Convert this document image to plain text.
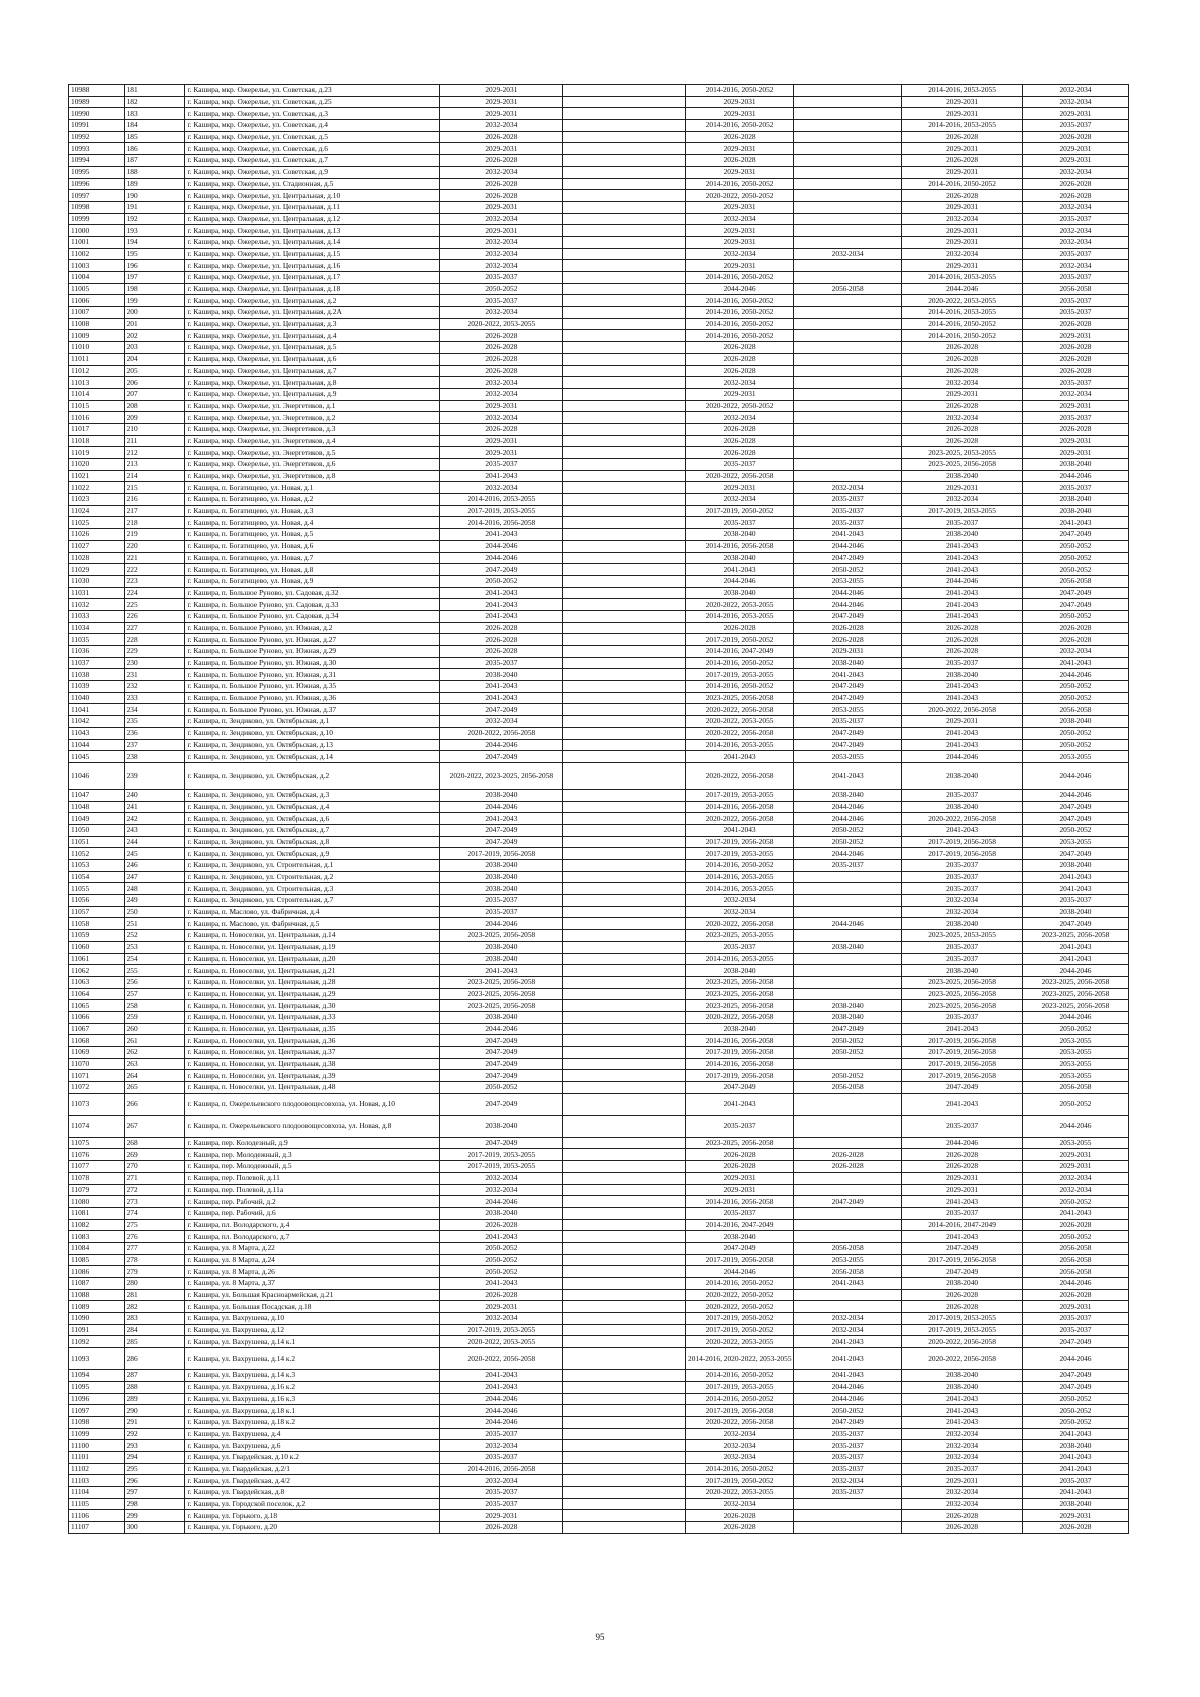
10988	181	г. Кашира, мкр. Ожерелье, ул. Советская, д.23	2029-2031		2014-2016, 2050-2052		2014-2016, 2053-2055	2032-2034
10989	182	г. Кашира, мкр. Ожерелье, ул. Советская, д.25	2029-2031		2029-2031		2029-2031	2032-2034
10990	183	г. Кашира, мкр. Ожерелье, ул. Советская, д.3	2029-2031		2029-2031		2029-2031	2029-2031
10991	184	г. Кашира, мкр. Ожерелье, ул. Советская, д.4	2032-2034		2014-2016, 2050-2052		2014-2016, 2053-2055	2035-2037
10992	185	г. Кашира, мкр. Ожерелье, ул. Советская, д.5	2026-2028		2026-2028		2026-2028	2026-2028
10993	186	г. Кашира, мкр. Ожерелье, ул. Советская, д.6	2029-2031		2029-2031		2029-2031	2029-2031
10994	187	г. Кашира, мкр. Ожерелье, ул. Советская, д.7	2026-2028		2026-2028		2026-2028	2029-2031
10995	188	г. Кашира, мкр. Ожерелье, ул. Советская, д.9	2032-2034		2029-2031		2029-2031	2032-2034
10996	189	г. Кашира, мкр. Ожерелье, ул. Стадионная, д.5	2026-2028		2014-2016, 2050-2052		2014-2016, 2050-2052	2026-2028
10997	190	г. Кашира, мкр. Ожерелье, ул. Центральная, д.10	2026-2028		2020-2022, 2050-2052		2026-2028	2026-2028
10998	191	г. Кашира, мкр. Ожерелье, ул. Центральная, д.11	2029-2031		2029-2031		2029-2031	2032-2034
10999	192	г. Кашира, мкр. Ожерелье, ул. Центральная, д.12	2032-2034		2032-2034		2032-2034	2035-2037
11000	193	г. Кашира, мкр. Ожерелье, ул. Центральная, д.13	2029-2031		2029-2031		2029-2031	2032-2034
11001	194	г. Кашира, мкр. Ожерелье, ул. Центральная, д.14	2032-2034		2029-2031		2029-2031	2032-2034
11002	195	г. Кашира, мкр. Ожерелье, ул. Центральная, д.15	2032-2034		2032-2034	2032-2034	2032-2034	2035-2037
11003	196	г. Кашира, мкр. Ожерелье, ул. Центральная, д.16	2032-2034		2029-2031		2029-2031	2032-2034
11004	197	г. Кашира, мкр. Ожерелье, ул. Центральная, д.17	2035-2037		2014-2016, 2050-2052		2014-2016, 2053-2055	2035-2037
11005	198	г. Кашира, мкр. Ожерелье, ул. Центральная, д.18	2050-2052		2044-2046	2056-2058	2044-2046	2056-2058
11006	199	г. Кашира, мкр. Ожерелье, ул. Центральная, д.2	2035-2037		2014-2016, 2050-2052		2020-2022, 2053-2055	2035-2037
11007	200	г. Кашира, мкр. Ожерелье, ул. Центральная, д.2А	2032-2034		2014-2016, 2050-2052		2014-2016, 2053-2055	2035-2037
11008	201	г. Кашира, мкр. Ожерелье, ул. Центральная, д.3	2020-2022, 2053-2055		2014-2016, 2050-2052		2014-2016, 2050-2052	2026-2028
11009	202	г. Кашира, мкр. Ожерелье, ул. Центральная, д.4	2026-2028		2014-2016, 2050-2052		2014-2016, 2050-2052	2029-2031
11010	203	г. Кашира, мкр. Ожерелье, ул. Центральная, д.5	2026-2028		2026-2028		2026-2028	2026-2028
11011	204	г. Кашира, мкр. Ожерелье, ул. Центральная, д.6	2026-2028		2026-2028		2026-2028	2026-2028
11012	205	г. Кашира, мкр. Ожерелье, ул. Центральная, д.7	2026-2028		2026-2028		2026-2028	2026-2028
11013	206	г. Кашира, мкр. Ожерелье, ул. Центральная, д.8	2032-2034		2032-2034		2032-2034	2035-2037
11014	207	г. Кашира, мкр. Ожерелье, ул. Центральная, д.9	2032-2034		2029-2031		2029-2031	2032-2034
11015	208	г. Кашира, мкр. Ожерелье, ул. Энергетиков, д.1	2029-2031		2020-2022, 2050-2052		2026-2028	2029-2031
11016	209	г. Кашира, мкр. Ожерелье, ул. Энергетиков, д.2	2032-2034		2032-2034		2032-2034	2035-2037
11017	210	г. Кашира, мкр. Ожерелье, ул. Энергетиков, д.3	2026-2028		2026-2028		2026-2028	2026-2028
11018	211	г. Кашира, мкр. Ожерелье, ул. Энергетиков, д.4	2029-2031		2026-2028		2026-2028	2029-2031
11019	212	г. Кашира, мкр. Ожерелье, ул. Энергетиков, д.5	2029-2031		2026-2028		2023-2025, 2053-2055	2029-2031
11020	213	г. Кашира, мкр. Ожерелье, ул. Энергетиков, д.6	2035-2037		2035-2037		2023-2025, 2056-2058	2038-2040
11021	214	г. Кашира, мкр. Ожерелье, ул. Энергетиков, д.8	2041-2043		2020-2022, 2056-2058		2038-2040	2044-2046
11022	215	г. Кашира, п. Богатищево, ул. Новая, д.1	2032-2034		2029-2031	2032-2034	2029-2031	2035-2037
11023	216	г. Кашира, п. Богатищево, ул. Новая, д.2	2014-2016, 2053-2055		2032-2034	2035-2037	2032-2034	2038-2040
11024	217	г. Кашира, п. Богатищево, ул. Новая, д.3	2017-2019, 2053-2055		2017-2019, 2050-2052	2035-2037	2017-2019, 2053-2055	2038-2040
11025	218	г. Кашира, п. Богатищево, ул. Новая, д.4	2014-2016, 2056-2058		2035-2037	2035-2037	2035-2037	2041-2043
11026	219	г. Кашира, п. Богатищево, ул. Новая, д.5	2041-2043		2038-2040	2041-2043	2038-2040	2047-2049
11027	220	г. Кашира, п. Богатищево, ул. Новая, д.6	2044-2046		2014-2016, 2056-2058	2044-2046	2041-2043	2050-2052
11028	221	г. Кашира, п. Богатищево, ул. Новая, д.7	2044-2046		2038-2040	2047-2049	2041-2043	2050-2052
11029	222	г. Кашира, п. Богатищево, ул. Новая, д.8	2047-2049		2041-2043	2050-2052	2041-2043	2050-2052
11030	223	г. Кашира, п. Богатищево, ул. Новая, д.9	2050-2052		2044-2046	2053-2055	2044-2046	2056-2058
11031	224	г. Кашира, п. Большое Руново, ул. Садовая, д.32	2041-2043		2038-2040	2044-2046	2041-2043	2047-2049
11032	225	г. Кашира, п. Большое Руново, ул. Садовая, д.33	2041-2043		2020-2022, 2053-2055	2044-2046	2041-2043	2047-2049
11033	226	г. Кашира, п. Большое Руново, ул. Садовая, д.34	2041-2043		2014-2016, 2053-2055	2047-2049	2041-2043	2050-2052
11034	227	г. Кашира, п. Большое Руново, ул. Южная, д.2	2026-2028		2026-2028	2026-2028	2026-2028	2026-2028
11035	228	г. Кашира, п. Большое Руново, ул. Южная, д.27	2026-2028		2017-2019, 2050-2052	2026-2028	2026-2028	2026-2028
11036	229	г. Кашира, п. Большое Руново, ул. Южная, д.29	2026-2028		2014-2016, 2047-2049	2029-2031	2026-2028	2032-2034
11037	230	г. Кашира, п. Большое Руново, ул. Южная, д.30	2035-2037		2014-2016, 2050-2052	2038-2040	2035-2037	2041-2043
11038	231	г. Кашира, п. Большое Руново, ул. Южная, д.31	2038-2040		2017-2019, 2053-2055	2041-2043	2038-2040	2044-2046
11039	232	г. Кашира, п. Большое Руново, ул. Южная, д.35	2041-2043		2014-2016, 2050-2052	2047-2049	2041-2043	2050-2052
11040	233	г. Кашира, п. Большое Руново, ул. Южная, д.36	2041-2043		2023-2025, 2056-2058	2047-2049	2041-2043	2050-2052
11041	234	г. Кашира, п. Большое Руново, ул. Южная, д.37	2047-2049		2020-2022, 2056-2058	2053-2055	2020-2022, 2056-2058	2056-2058
11042	235	г. Кашира, п. Зендиково, ул. Октябрьская, д.1	2032-2034		2020-2022, 2053-2055	2035-2037	2029-2031	2038-2040
11043	236	г. Кашира, п. Зендиково, ул. Октябрьская, д.10	2020-2022, 2056-2058		2020-2022, 2056-2058	2047-2049	2041-2043	2050-2052
11044	237	г. Кашира, п. Зендиково, ул. Октябрьская, д.13	2044-2046		2014-2016, 2053-2055	2047-2049	2041-2043	2050-2052
11045	238	г. Кашира, п. Зендиково, ул. Октябрьская, д.14	2047-2049		2041-2043	2053-2055	2044-2046	2053-2055
11046	239	г. Кашира, п. Зендиково, ул. Октябрьская, д.2	2020-2022, 2023-2025, 2056-2058		2020-2022, 2056-2058	2041-2043	2038-2040	2044-2046
11047	240	г. Кашира, п. Зендиково, ул. Октябрьская, д.3	2038-2040		2017-2019, 2053-2055	2038-2040	2035-2037	2044-2046
11048	241	г. Кашира, п. Зендиково, ул. Октябрьская, д.4	2044-2046		2014-2016, 2056-2058	2044-2046	2038-2040	2047-2049
11049	242	г. Кашира, п. Зендиково, ул. Октябрьская, д.6	2041-2043		2020-2022, 2056-2058	2044-2046	2020-2022, 2056-2058	2047-2049
11050	243	г. Кашира, п. Зендиково, ул. Октябрьская, д.7	2047-2049		2041-2043	2050-2052	2041-2043	2050-2052
11051	244	г. Кашира, п. Зендиково, ул. Октябрьская, д.8	2047-2049		2017-2019, 2056-2058	2050-2052	2017-2019, 2056-2058	2053-2055
11052	245	г. Кашира, п. Зендиково, ул. Октябрьская, д.9	2017-2019, 2056-2058		2017-2019, 2053-2055	2044-2046	2017-2019, 2056-2058	2047-2049
11053	246	г. Кашира, п. Зендиково, ул. Строительная, д.1	2038-2040		2014-2016, 2050-2052	2035-2037	2035-2037	2038-2040
11054	247	г. Кашира, п. Зендиково, ул. Строительная, д.2	2038-2040		2014-2016, 2053-2055		2035-2037	2041-2043
11055	248	г. Кашира, п. Зендиково, ул. Строительная, д.3	2038-2040		2014-2016, 2053-2055		2035-2037	2041-2043
11056	249	г. Кашира, п. Зендиково, ул. Строительная, д.7	2035-2037		2032-2034		2032-2034	2035-2037
11057	250	г. Кашира, п. Маслово, ул. Фабричная, д.4	2035-2037		2032-2034		2032-2034	2038-2040
11058	251	г. Кашира, п. Маслово, ул. Фабричная, д.5	2044-2046		2020-2022, 2056-2058	2044-2046	2038-2040	2047-2049
11059	252	г. Кашира, п. Новоселки, ул. Центральная, д.14	2023-2025, 2056-2058		2023-2025, 2053-2055		2023-2025, 2053-2055	2023-2025, 2056-2058
11060	253	г. Кашира, п. Новоселки, ул. Центральная, д.19	2038-2040		2035-2037	2038-2040	2035-2037	2041-2043
11061	254	г. Кашира, п. Новоселки, ул. Центральная, д.20	2038-2040		2014-2016, 2053-2055		2035-2037	2041-2043
11062	255	г. Кашира, п. Новоселки, ул. Центральная, д.21	2041-2043		2038-2040		2038-2040	2044-2046
11063	256	г. Кашира, п. Новоселки, ул. Центральная, д.28	2023-2025, 2056-2058		2023-2025, 2056-2058		2023-2025, 2056-2058	2023-2025, 2056-2058
11064	257	г. Кашира, п. Новоселки, ул. Центральная, д.29	2023-2025, 2056-2058		2023-2025, 2056-2058		2023-2025, 2056-2058	2023-2025, 2056-2058
11065	258	г. Кашира, п. Новоселки, ул. Центральная, д.30	2023-2025, 2056-2058		2023-2025, 2056-2058	2038-2040	2023-2025, 2056-2058	2023-2025, 2056-2058
11066	259	г. Кашира, п. Новоселки, ул. Центральная, д.33	2038-2040		2020-2022, 2056-2058	2038-2040	2035-2037	2044-2046
11067	260	г. Кашира, п. Новоселки, ул. Центральная, д.35	2044-2046		2038-2040	2047-2049	2041-2043	2050-2052
11068	261	г. Кашира, п. Новоселки, ул. Центральная, д.36	2047-2049		2014-2016, 2056-2058	2050-2052	2017-2019, 2056-2058	2053-2055
11069	262	г. Кашира, п. Новоселки, ул. Центральная, д.37	2047-2049		2017-2019, 2056-2058	2050-2052	2017-2019, 2056-2058	2053-2055
11070	263	г. Кашира, п. Новоселки, ул. Центральная, д.38	2047-2049		2014-2016, 2056-2058		2017-2019, 2056-2058	2053-2055
11071	264	г. Кашира, п. Новоселки, ул. Центральная, д.39	2047-2049		2017-2019, 2056-2058	2050-2052	2017-2019, 2056-2058	2053-2055
11072	265	г. Кашира, п. Новоселки, ул. Центральная, д.48	2050-2052		2047-2049	2056-2058	2047-2049	2056-2058
11073	266	г. Кашира, п. Ожерельевского плодоовощесовхоза, ул. Новая, д.10	2047-2049		2041-2043		2041-2043	2050-2052
11074	267	г. Кашира, п. Ожерельевского плодоовощесовхоза, ул. Новая, д.8	2038-2040		2035-2037		2035-2037	2044-2046
11075	268	г. Кашира, пер. Колодезный, д.9	2047-2049		2023-2025, 2056-2058		2044-2046	2053-2055
11076	269	г. Кашира, пер. Молодежный, д.3	2017-2019, 2053-2055		2026-2028	2026-2028	2026-2028	2029-2031
11077	270	г. Кашира, пер. Молодежный, д.5	2017-2019, 2053-2055		2026-2028	2026-2028	2026-2028	2029-2031
11078	271	г. Кашира, пер. Полевой, д.11	2032-2034		2029-2031		2029-2031	2032-2034
11079	272	г. Кашира, пер. Полевой, д.11а	2032-2034		2029-2031		2029-2031	2032-2034
11080	273	г. Кашира, пер. Рабочий, д.2	2044-2046		2014-2016, 2056-2058	2047-2049	2041-2043	2050-2052
11081	274	г. Кашира, пер. Рабочий, д.6	2038-2040		2035-2037		2035-2037	2041-2043
11082	275	г. Кашира, пл. Володарского, д.4	2026-2028		2014-2016, 2047-2049		2014-2016, 2047-2049	2026-2028
11083	276	г. Кашира, пл. Володарского, д.7	2041-2043		2038-2040		2041-2043	2050-2052
11084	277	г. Кашира, ул. 8 Марта, д.22	2050-2052		2047-2049	2056-2058	2047-2049	2056-2058
11085	278	г. Кашира, ул. 8 Марта, д.24	2050-2052		2017-2019, 2056-2058	2053-2055	2017-2019, 2056-2058	2056-2058
11086	279	г. Кашира, ул. 8 Марта, д.26	2050-2052		2044-2046	2056-2058	2047-2049	2056-2058
11087	280	г. Кашира, ул. 8 Марта, д.37	2041-2043		2014-2016, 2050-2052	2041-2043	2038-2040	2044-2046
11088	281	г. Кашира, ул. Большая Красноармейская, д.21	2026-2028		2020-2022, 2050-2052		2026-2028	2026-2028
11089	282	г. Кашира, ул. Большая Посадская, д.18	2029-2031		2020-2022, 2050-2052		2026-2028	2029-2031
11090	283	г. Кашира, ул. Вахрушева, д.10	2032-2034		2017-2019, 2050-2052	2032-2034	2017-2019, 2053-2055	2035-2037
11091	284	г. Кашира, ул. Вахрушева, д.12	2017-2019, 2053-2055		2017-2019, 2050-2052	2032-2034	2017-2019, 2053-2055	2035-2037
11092	285	г. Кашира, ул. Вахрушева, д.14 к.1	2020-2022, 2053-2055		2020-2022, 2053-2055	2041-2043	2020-2022, 2056-2058	2047-2049
11093	286	г. Кашира, ул. Вахрушева, д.14 к.2	2020-2022, 2056-2058		2014-2016, 2020-2022, 2053-2055	2041-2043	2020-2022, 2056-2058	2044-2046
11094	287	г. Кашира, ул. Вахрушева, д.14 к.3	2041-2043		2014-2016, 2050-2052	2041-2043	2038-2040	2047-2049
11095	288	г. Кашира, ул. Вахрушева, д.16 к.2	2041-2043		2017-2019, 2053-2055	2044-2046	2038-2040	2047-2049
11096	289	г. Кашира, ул. Вахрушева, д.16 к.3	2044-2046		2014-2016, 2050-2052	2044-2046	2041-2043	2050-2052
11097	290	г. Кашира, ул. Вахрушева, д.18 к.1	2044-2046		2017-2019, 2056-2058	2050-2052	2041-2043	2050-2052
11098	291	г. Кашира, ул. Вахрушева, д.18 к.2	2044-2046		2020-2022, 2056-2058	2047-2049	2041-2043	2050-2052
11099	292	г. Кашира, ул. Вахрушева, д.4	2035-2037		2032-2034	2035-2037	2032-2034	2041-2043
11100	293	г. Кашира, ул. Вахрушева, д.6	2032-2034		2032-2034	2035-2037	2032-2034	2038-2040
11101	294	г. Кашира, ул. Гвардейская, д.10 к.2	2035-2037		2032-2034	2035-2037	2032-2034	2041-2043
11102	295	г. Кашира, ул. Гвардейская, д.2/1	2014-2016, 2056-2058		2014-2016, 2050-2052	2035-2037	2035-2037	2041-2043
11103	296	г. Кашира, ул. Гвардейская, д.4/2	2032-2034		2017-2019, 2050-2052	2032-2034	2029-2031	2035-2037
11104	297	г. Кашира, ул. Гвардейская, д.8	2035-2037		2020-2022, 2053-2055	2035-2037	2032-2034	2041-2043
11105	298	г. Кашира, ул. Городской поселок, д.2	2035-2037		2032-2034		2032-2034	2038-2040
11106	299	г. Кашира, ул. Горького, д.18	2029-2031		2026-2028		2026-2028	2029-2031
11107	300	г. Кашира, ул. Горького, д.20	2026-2028		2026-2028		2026-2028	2026-2028
95
